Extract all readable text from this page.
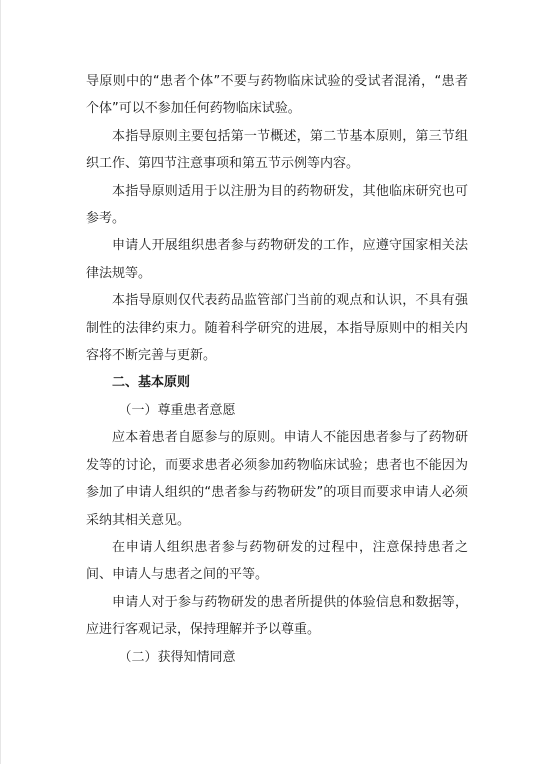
导原则中的“患者个体”不要与药物临床试验的受试者混淆，“患者个体”可以不参加任何药物临床试验。

本指导原则主要包括第一节概述，第二节基本原则，第三节组织工作、第四节注意事项和第五节示例等内容。

本指导原则适用于以注册为目的药物研发，其他临床研究也可参考。

申请人开展组织患者参与药物研发的工作，应遵守国家相关法律法规等。

本指导原则仅代表药品监管部门当前的观点和认识，不具有强制性的法律约束力。随着科学研究的进展，本指导原则中的相关内容将不断完善与更新。

二、基本原则

（一）尊重患者意愿

应本着患者自愿参与的原则。申请人不能因患者参与了药物研发等的讨论，而要求患者必须参加药物临床试验；患者也不能因为参加了申请人组织的“患者参与药物研发”的项目而要求申请人必须采纳其相关意见。

在申请人组织患者参与药物研发的过程中，注意保持患者之间、申请人与患者之间的平等。

申请人对于参与药物研发的患者所提供的体验信息和数据等，应进行客观记录，保持理解并予以尊重。

（二）获得知情同意
